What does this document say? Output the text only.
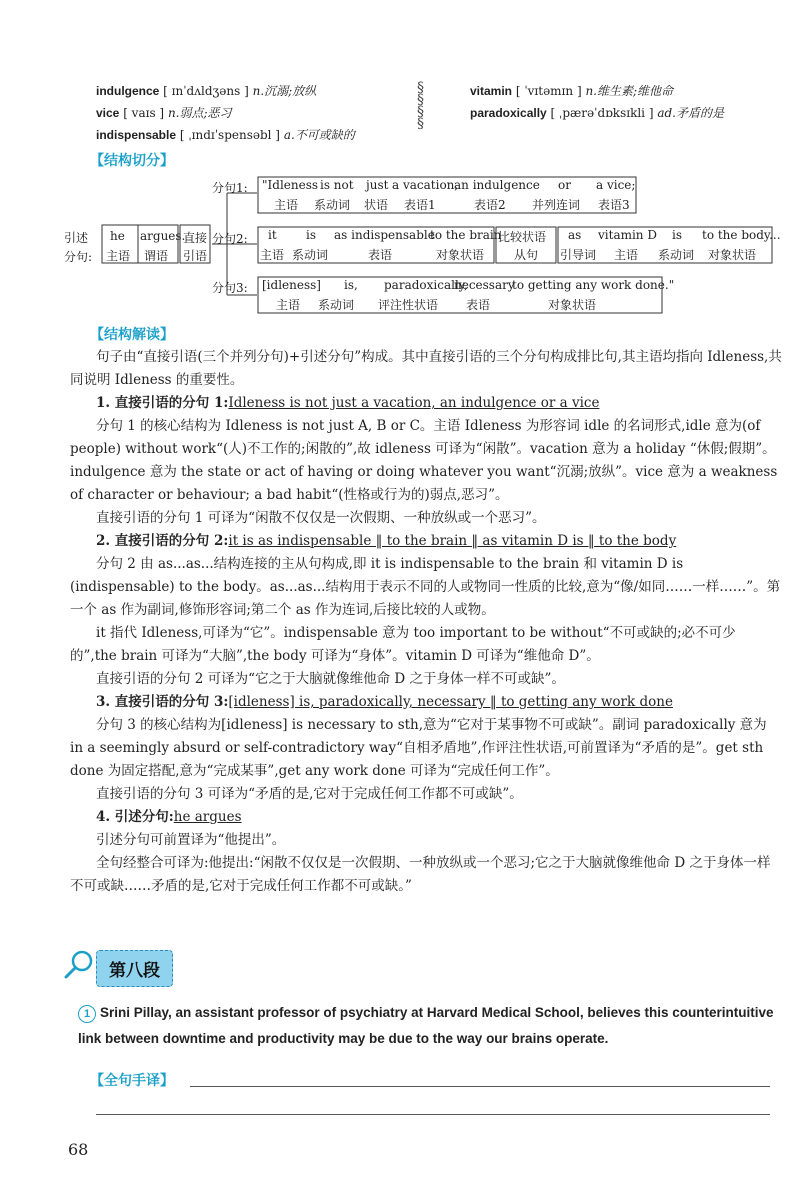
indulgence [ ɪnˈdʌldʒəns ] n.沉溺;放纵
vice [ vaɪs ] n.弱点;恶习
indispensable [ ˌɪndɪˈspensəbl ] a.不可或缺的
§
§
§
§
vitamin [ ˈvɪtəmɪn ] n.维生素;维他命
paradoxically [ ˌpærəˈdɒksɪkli ] ad.矛盾的是
【结构切分】
引述
分句:
he argues.
主语 谓语
直接
引语
分句1:
分句2:
分句3:
"Idleness is not just a vacation,
an indulgence or a vice;
主语 系动词 状语 表语1	表语2 并列连词 表语3
it is as indispensable
to the brain
比较状语 as vitamin D is to the body...
主语 系动词	表语	对象状语 从句 引导词 主语 系动词 对象状语
[idleness] is, paradoxically,
necessary
to getting any work done."
主语 系动词 评注性状语 表语	对象状语
【结构解读】

句子由“直接引语(三个并列分句)+引述分句”构成。其中直接引语的三个分句构成排比句,其主语均指向 Idleness,共同说明 Idleness 的重要性。

1. 直接引语的分句 1:Idleness is not just a vacation, an indulgence or a vice

分句 1 的核心结构为 Idleness is not just A, B or C。主语 Idleness 为形容词 idle 的名词形式,idle 意为(of people) without work“(人)不工作的;闲散的”,故 idleness 可译为“闲散”。vacation 意为 a holiday “休假;假期”。indulgence 意为 the state or act of having or doing whatever you want“沉溺;放纵”。vice 意为 a weakness of character or behaviour; a bad habit“(性格或行为的)弱点,恶习”。

直接引语的分句 1 可译为“闲散不仅仅是一次假期、一种放纵或一个恶习”。

2. 直接引语的分句 2:it is as indispensable ‖ to the brain ‖ as vitamin D is ‖ to the body

分句 2 由 as...as...结构连接的主从句构成,即 it is indispensable to the brain 和 vitamin D is (indispensable) to the body。as...as...结构用于表示不同的人或物同一性质的比较,意为“像/如同……一样……”。第一个 as 作为副词,修饰形容词;第二个 as 作为连词,后接比较的人或物。

it 指代 Idleness,可译为“它”。indispensable 意为 too important to be without“不可或缺的;必不可少的”,the brain 可译为“大脑”,the body 可译为“身体”。vitamin D 可译为“维他命 D”。

直接引语的分句 2 可译为“它之于大脑就像维他命 D 之于身体一样不可或缺”。

3. 直接引语的分句 3:[idleness] is, paradoxically, necessary ‖ to getting any work done

分句 3 的核心结构为[idleness] is necessary to sth,意为“它对于某事物不可或缺”。副词 paradoxically 意为 in a seemingly absurd or self-contradictory way“自相矛盾地”,作评注性状语,可前置译为“矛盾的是”。get sth done 为固定搭配,意为“完成某事”,get any work done 可译为“完成任何工作”。

直接引语的分句 3 可译为“矛盾的是,它对于完成任何工作都不可或缺”。

4. 引述分句:he argues

引述分句可前置译为“他提出”。

全句经整合可译为:他提出:“闲散不仅仅是一次假期、一种放纵或一个恶习;它之于大脑就像维他命 D 之于身体一样不可或缺……矛盾的是,它对于完成任何工作都不可或缺。”

第八段
1 Srini Pillay, an assistant professor of psychiatry at Harvard Medical School, believes this counterintuitive link between downtime and productivity may be due to the way our brains operate.
【全句手译】
68
